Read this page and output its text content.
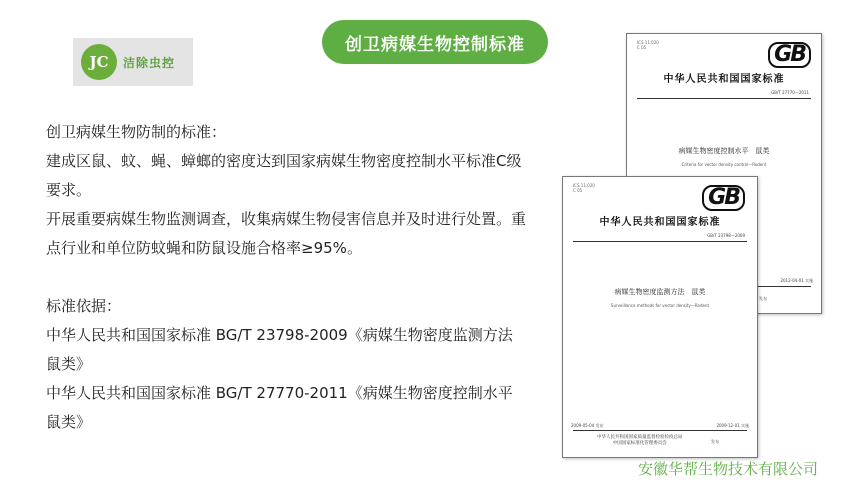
创卫病媒生物控制标准
JC	洁除虫控

创卫病媒生物防制的标准：

建成区鼠、蚊、蝇、蟑螂的密度达到国家病媒生物密度控制水平标准C级要求。

开展重要病媒生物监测调查，收集病媒生物侵害信息并及时进行处置。重点行业和单位防蚊蝇和防鼠设施合格率≥95%。

标准依据：

中华人民共和国国家标准 BG/T 23798-2009《病媒生物密度监测方法　鼠类》

中华人民共和国国家标准 BG/T 27770-2011《病媒生物密度控制水平　鼠类》

ICS 11.020
C 05	GB
中华人民共和国国家标准
GB/T 27770—2011
病媒生物密度控制水平　鼠类
Criteria for vector density control—Rodent
2012-04-01 实施
发布
ICS 11.020
C 05	GB
中华人民共和国国家标准
GB/T 23798—2009
病媒生物密度监测方法　鼠类
Surveillance methods for vector density—Rodent
2009-05-04 发布	2009-12-01 实施
中华人民共和国国家质量监督检验检疫总局
中国国家标准化管理委员会	发布
安徽华帮生物技术有限公司
